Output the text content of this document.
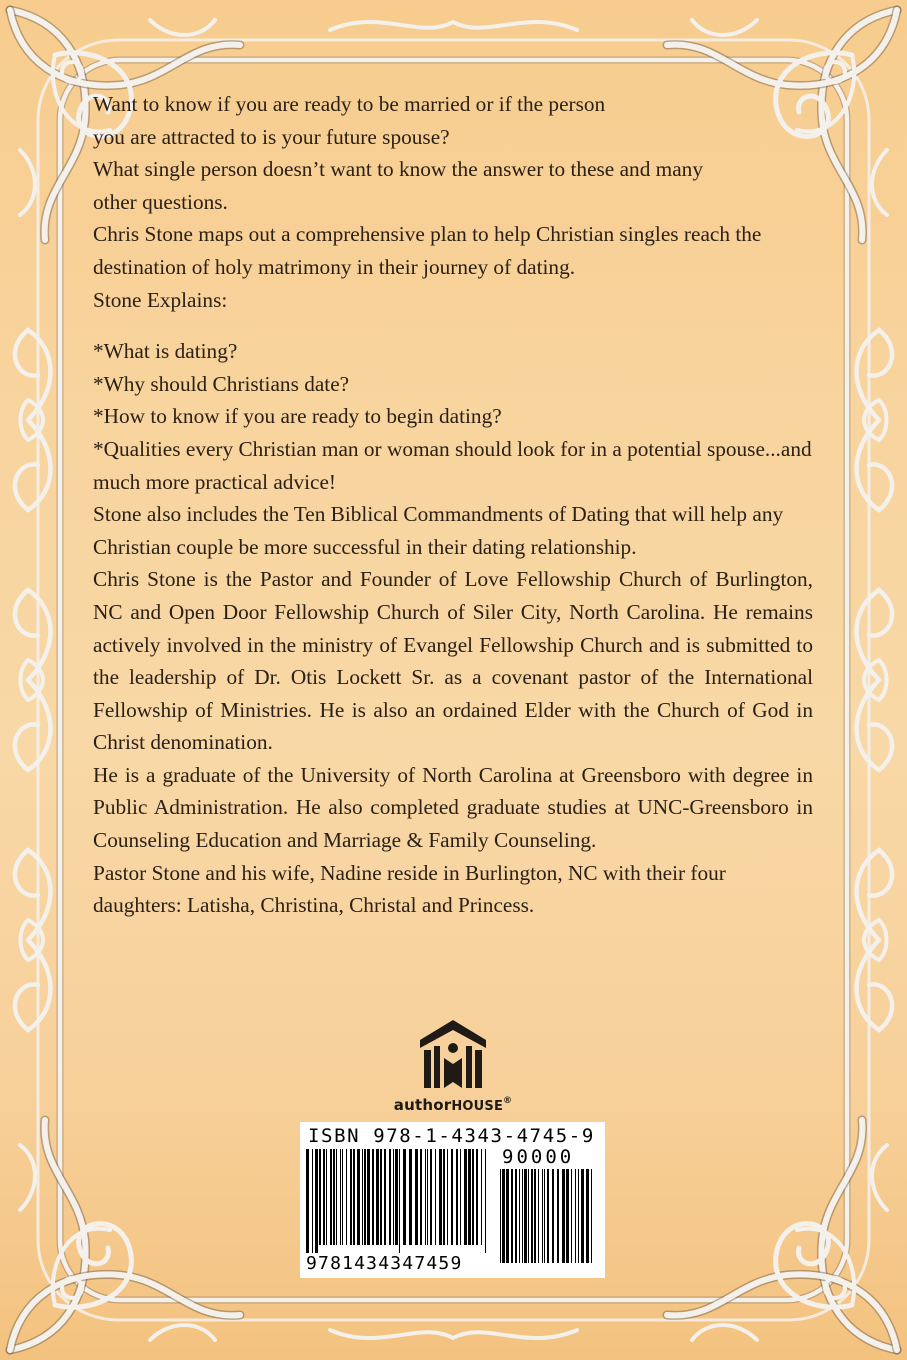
Want to know if you are ready to be married or if the person you are attracted to is your future spouse?

What single person doesn’t want to know the answer to these and many other questions.

Chris Stone maps out a comprehensive plan to help Christian singles reach the destination of holy matrimony in their journey of dating.

Stone Explains:

*What is dating?
*Why should Christians date?
*How to know if you are ready to begin dating?
*Qualities every Christian man or woman should look for in a potential spouse...and much more practical advice!

Stone also includes the Ten Biblical Commandments of Dating that will help any Christian couple be more successful in their dating relationship.

Chris Stone is the Pastor and Founder of Love Fellowship Church of Burlington, NC and Open Door Fellowship Church of Siler City, North Carolina. He remains actively involved in the ministry of Evangel Fellowship Church and is submitted to the leadership of Dr. Otis Lockett Sr. as a covenant pastor of the International Fellowship of Ministries. He is also an ordained Elder with the Church of God in Christ denomination.

He is a graduate of the University of North Carolina at Greensboro with degree in Public Administration. He also completed graduate studies at UNC-Greensboro in Counseling Education and Marriage & Family Counseling.

Pastor Stone and his wife, Nadine reside in Burlington, NC with their four daughters: Latisha, Christina, Christal and Princess.

authorHOUSE®
ISBN 978-1-4343-4745-9
90000
9781434347459
